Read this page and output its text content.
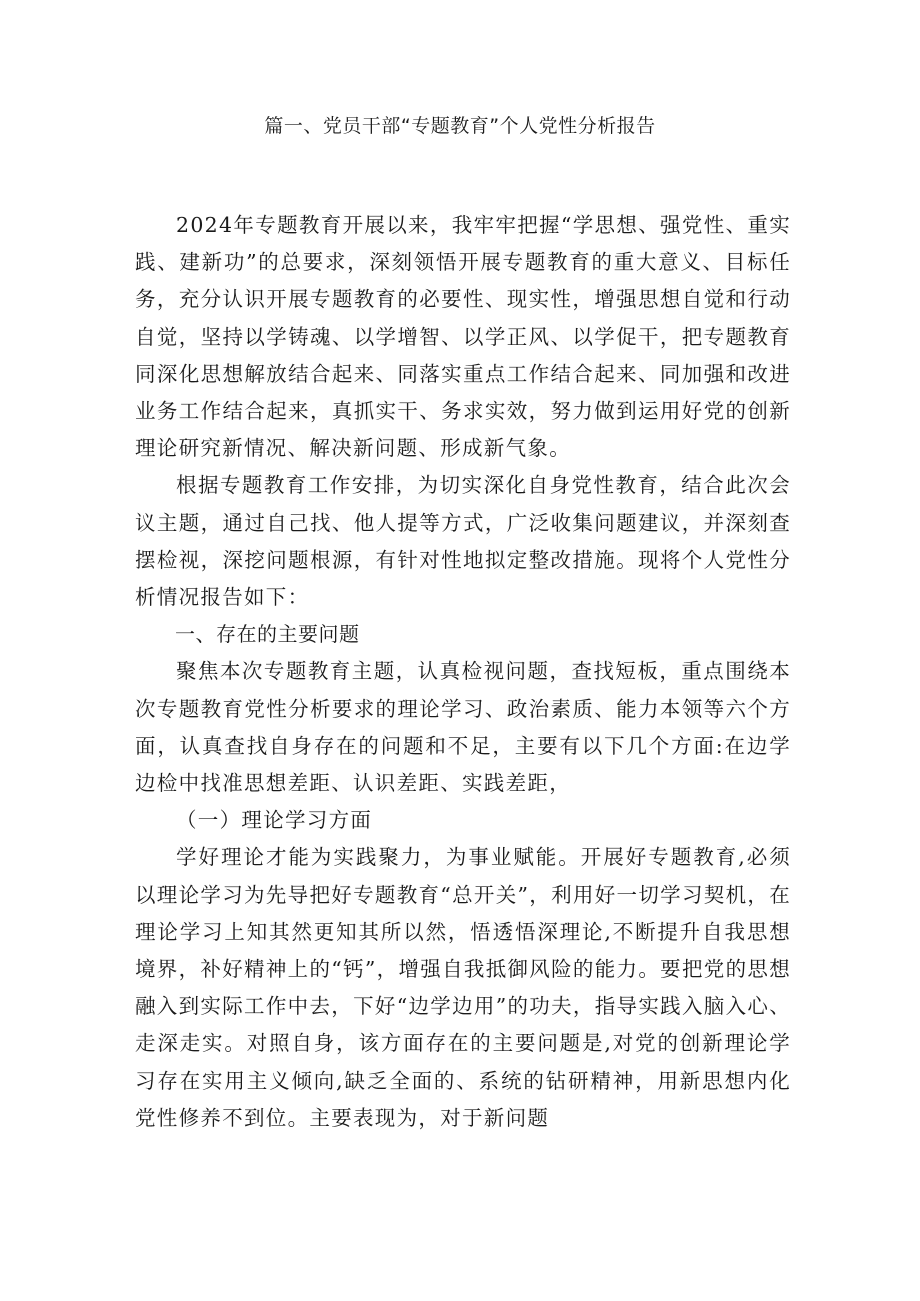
篇一、党员干部“专题教育”个人党性分析报告

2024年专题教育开展以来，我牢牢把握“学思想、强党性、重实践、建新功”的总要求，深刻领悟开展专题教育的重大意义、目标任务，充分认识开展专题教育的必要性、现实性，增强思想自觉和行动自觉，坚持以学铸魂、以学增智、以学正风、以学促干，把专题教育同深化思想解放结合起来、同落实重点工作结合起来、同加强和改进业务工作结合起来，真抓实干、务求实效，努力做到运用好党的创新理论研究新情况、解决新问题、形成新气象。

根据专题教育工作安排，为切实深化自身党性教育，结合此次会议主题，通过自己找、他人提等方式，广泛收集问题建议，并深刻查摆检视，深挖问题根源，有针对性地拟定整改措施。现将个人党性分析情况报告如下：

一、存在的主要问题

聚焦本次专题教育主题，认真检视问题，查找短板，重点围绕本次专题教育党性分析要求的理论学习、政治素质、能力本领等六个方面，认真查找自身存在的问题和不足，主要有以下几个方面:在边学边检中找准思想差距、认识差距、实践差距，

（一）理论学习方面

学好理论才能为实践聚力，为事业赋能。开展好专题教育,必须以理论学习为先导把好专题教育“总开关”，利用好一切学习契机，在理论学习上知其然更知其所以然，悟透悟深理论,不断提升自我思想境界，补好精神上的“钙”，增强自我抵御风险的能力。要把党的思想融入到实际工作中去，下好“边学边用”的功夫，指导实践入脑入心、走深走实。对照自身，该方面存在的主要问题是,对党的创新理论学习存在实用主义倾向,缺乏全面的、系统的钻研精神，用新思想内化党性修养不到位。主要表现为，对于新问题
